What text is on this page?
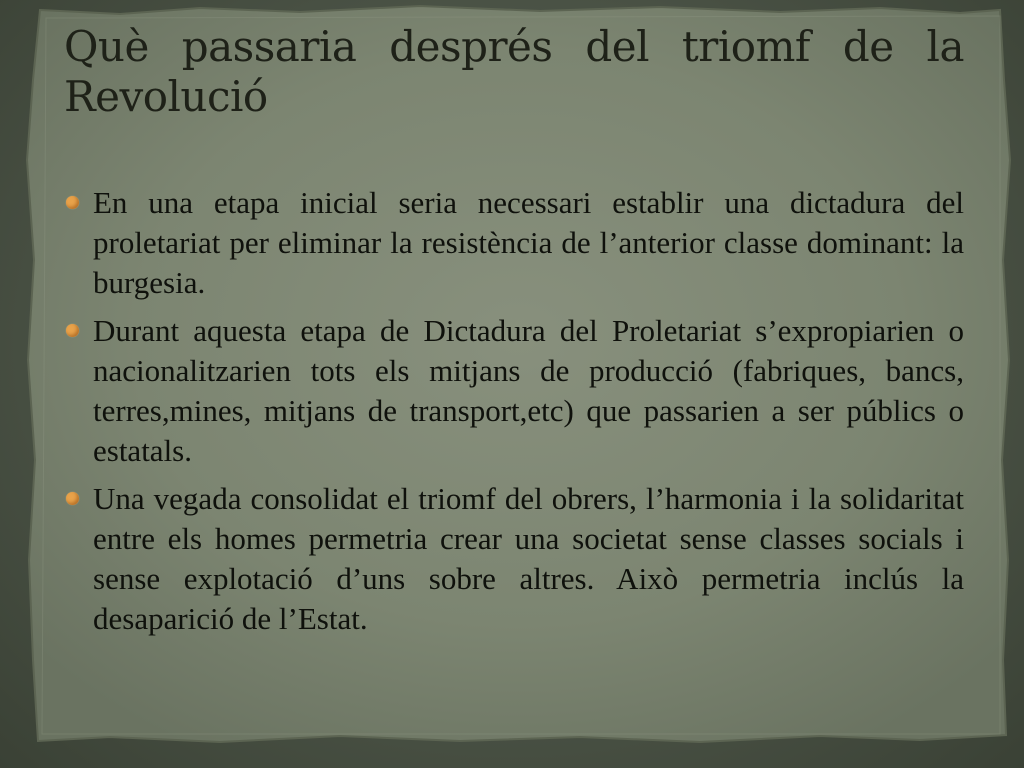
Què passaria després del triomf de la Revolució
En una etapa inicial seria necessari establir una dictadura del proletariat per eliminar la resistència de l’anterior classe dominant: la burgesia.
Durant aquesta etapa de Dictadura del Proletariat s’expropiarien o nacionalitzarien tots els mitjans de producció (fabriques, bancs, terres,mines, mitjans de transport,etc) que passarien a ser públics o estatals.
Una vegada consolidat el triomf del obrers, l’harmonia i la solidaritat entre els homes permetria crear una societat sense classes socials i sense explotació d’uns sobre altres. Això permetria inclús la desaparició de l’Estat.
